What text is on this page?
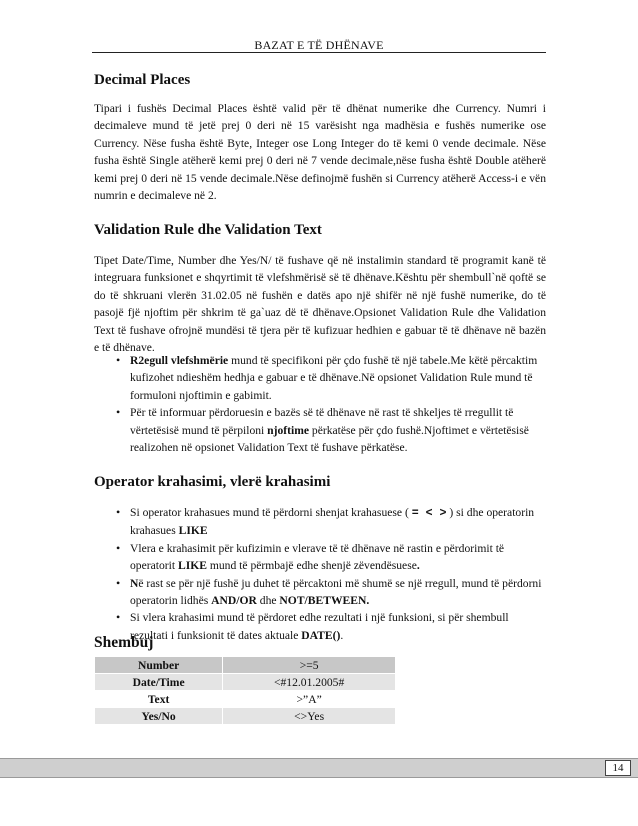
BAZAT E TË DHËNAVE
Decimal Places

Tipari i fushës Decimal Places është valid për të dhënat numerike dhe Currency. Numri i decimaleve mund të jetë prej 0 deri në 15 varësisht nga madhësia e fushës numerike ose Currency. Nëse fusha është Byte, Integer ose Long Integer do të kemi 0 vende decimale. Nëse fusha është Single atëherë kemi prej 0 deri në 7 vende decimale,nëse fusha është Double atëherë kemi prej 0 deri në 15 vende decimale.Nëse definojmë fushën si Currency atëherë Access-i e vën numrin e decimaleve në 2.

Validation Rule dhe Validation Text

Tipet Date/Time, Number dhe Yes/N/ të fushave që në instalimin standard të programit kanë të integruara funksionet e shqyrtimit të vlefshmërisë së të dhënave.Kështu për shembull`në qoftë se do të shkruani vlerën 31.02.05 në fushën e datës apo një shifër në një fushë numerike, do të pasojë fjë njoftim për shkrim të ga`uaz dë të dhënave.Opsionet Validation Rule dhe Validation Text të fushave ofrojnë mundësi të tjera për të kufizuar hedhien e gabuar të të dhënave në bazën e të dhënave.

• R2egull vlefshmërie mund të specifikoni për çdo fushë të një tabele.Me këtë përcaktim kufizohet ndieshëm hedhja e gabuar e të dhënave.Në opsionet Validation Rule mund të formuloni njoftimin e gabimit.
• Për të informuar përdoruesin e bazës së të dhënave në rast të shkeljes të rregullit të vërtetësisë mund të përpiloni njoftime përkatëse për çdo fushë.Njoftimet e vërtetësisë realizohen në opsionet Validation Text të fushave përkatëse.
Operator krahasimi, vlerë krahasimi
• Si operator krahasues mund të përdorni shenjat krahasuese ( = < > ) si dhe operatorin krahasues LIKE
• Vlera e krahasimit për kufizimin e vlerave të të dhënave në rastin e përdorimit të operatorit LIKE mund të përmbajë edhe shenjë zëvendësuese.
• Në rast se për një fushë ju duhet të përcaktoni më shumë se një rregull, mund të përdorni operatorin lidhës AND/OR dhe NOT/BETWEEN.
• Si vlera krahasimi mund të përdoret edhe rezultati i një funksioni, si për shembull rezultati i funksionit të dates aktuale DATE().
Shembuj
Number	>=5
Date/Time	<#12.01.2005#
Text	>”A”
Yes/No	<>Yes
14
